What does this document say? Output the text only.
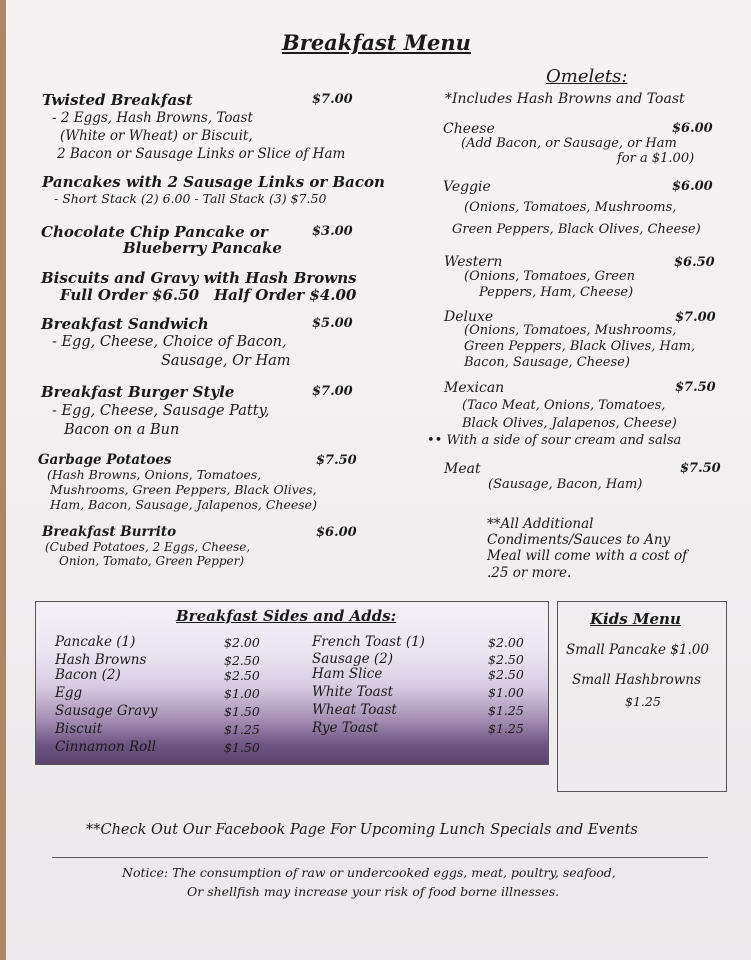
Breakfast Menu
Twisted Breakfast	$7.00
- 2 Eggs, Hash Browns, Toast
(White or Wheat) or Biscuit,
2 Bacon or Sausage Links or Slice of Ham
Pancakes with 2 Sausage Links or Bacon
- Short Stack (2) 6.00 - Tall Stack (3) $7.50
Chocolate Chip Pancake or	$3.00
Blueberry Pancake
Biscuits and Gravy with Hash Browns
Full Order $6.50 Half Order $4.00
Breakfast Sandwich	$5.00
- Egg, Cheese, Choice of Bacon,
Sausage, Or Ham
Breakfast Burger Style	$7.00
- Egg, Cheese, Sausage Patty,
Bacon on a Bun
Garbage Potatoes	$7.50
(Hash Browns, Onions, Tomatoes,
Mushrooms, Green Peppers, Black Olives,
Ham, Bacon, Sausage, Jalapenos, Cheese)
Breakfast Burrito	$6.00
(Cubed Potatoes, 2 Eggs, Cheese,
Onion, Tomato, Green Pepper)
Omelets:
*Includes Hash Browns and Toast
Cheese	$6.00
(Add Bacon, or Sausage, or Ham
for a $1.00)
Veggie	$6.00
(Onions, Tomatoes, Mushrooms,
Green Peppers, Black Olives, Cheese)
Western	$6.50
(Onions, Tomatoes, Green
Peppers, Ham, Cheese)
Deluxe	$7.00
(Onions, Tomatoes, Mushrooms,
Green Peppers, Black Olives, Ham,
Bacon, Sausage, Cheese)
Mexican	$7.50
(Taco Meat, Onions, Tomatoes,
Black Olives, Jalapenos, Cheese)
•• With a side of sour cream and salsa
Meat	$7.50
(Sausage, Bacon, Ham)
**All Additional
Condiments/Sauces to Any
Meal will come with a cost of
.25 or more.
Breakfast Sides and Adds:
Pancake (1)	$2.00
Hash Browns	$2.50
Bacon (2)	$2.50
Egg	$1.00
Sausage Gravy	$1.50
Biscuit	$1.25
Cinnamon Roll	$1.50
French Toast (1)	$2.00
Sausage (2)	$2.50
Ham Slice	$2.50
White Toast	$1.00
Wheat Toast	$1.25
Rye Toast	$1.25
Kids Menu
Small Pancake $1.00
Small Hashbrowns
$1.25
**Check Out Our Facebook Page For Upcoming Lunch Specials and Events
Notice: The consumption of raw or undercooked eggs, meat, poultry, seafood,
Or shellfish may increase your risk of food borne illnesses.
